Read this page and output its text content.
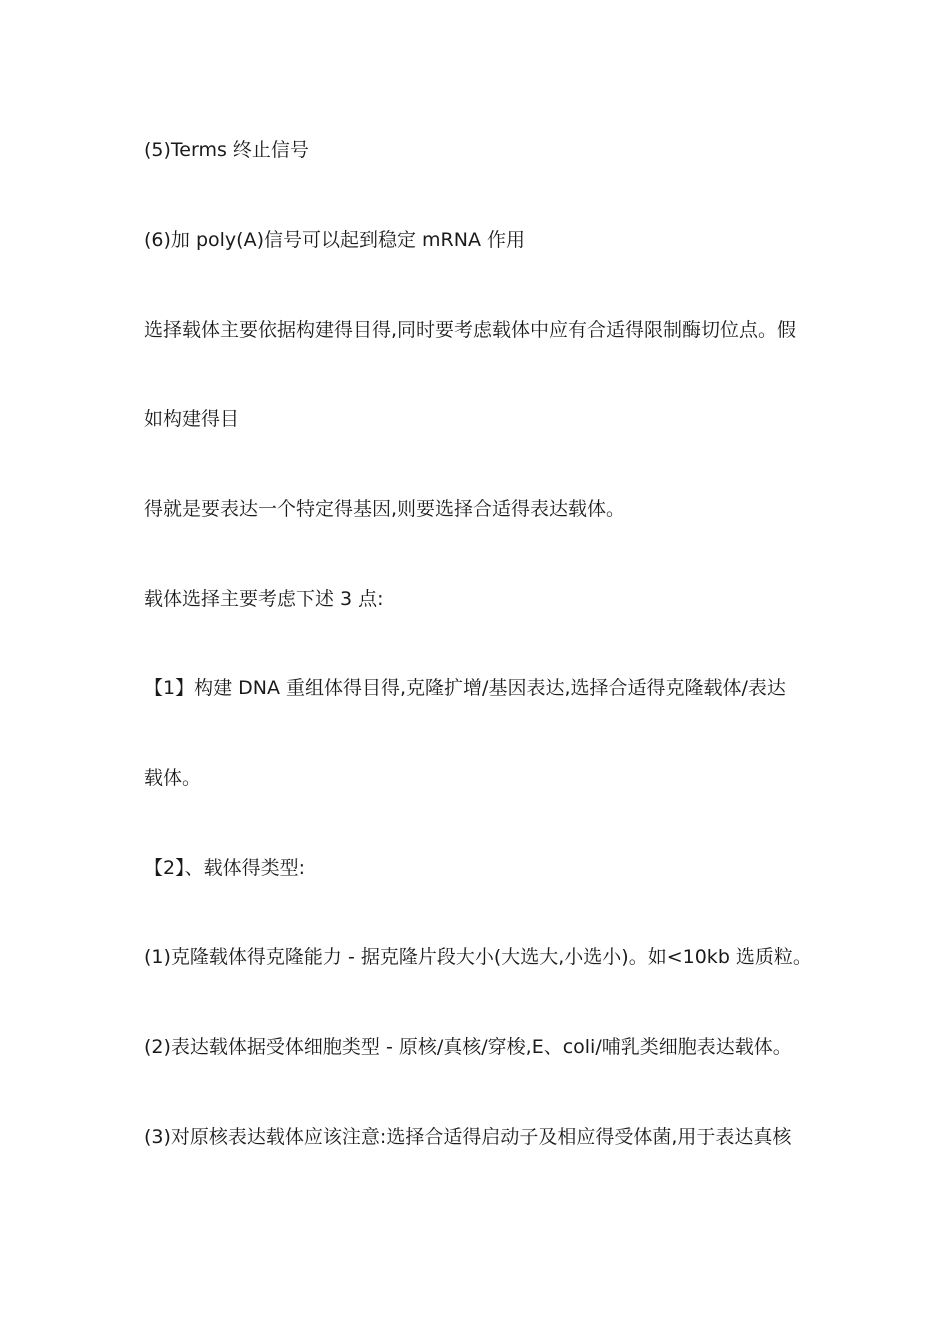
(5)Terms 终止信号
(6)加 poly(A)信号可以起到稳定 mRNA 作用
选择载体主要依据构建得目得,同时要考虑载体中应有合适得限制酶切位点。假
如构建得目
得就是要表达一个特定得基因,则要选择合适得表达载体。
载体选择主要考虑下述 3 点:
【1】构建 DNA 重组体得目得,克隆扩增/基因表达,选择合适得克隆载体/表达
载体。
【2】、载体得类型:
(1)克隆载体得克隆能力 - 据克隆片段大小(大选大,小选小)。如<10kb 选质粒。
(2)表达载体据受体细胞类型 - 原核/真核/穿梭,E、coli/哺乳类细胞表达载体。
(3)对原核表达载体应该注意:选择合适得启动子及相应得受体菌,用于表达真核
